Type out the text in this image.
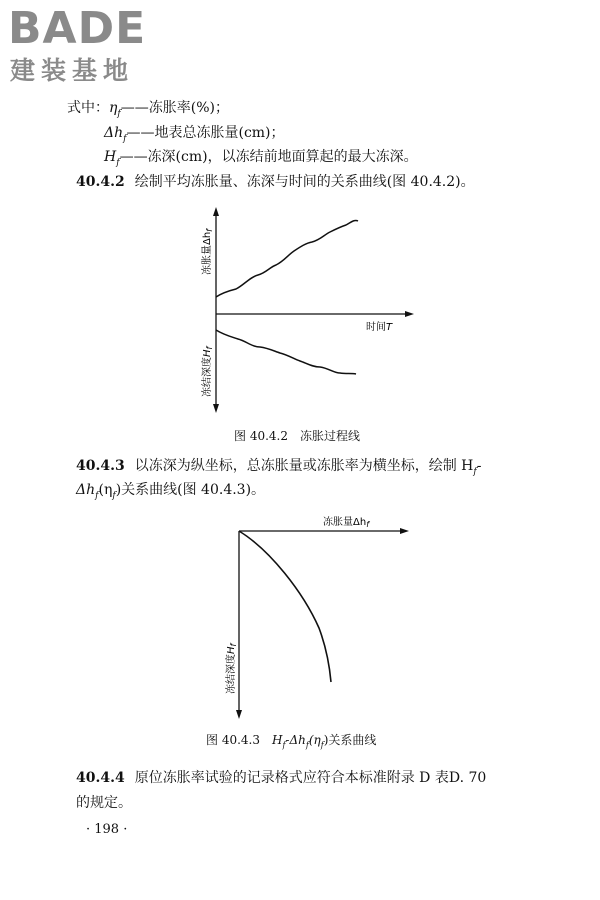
BADE
建装基地
式中：$\eta_f——$冻胀率(%)；
$\Delta h_f——$地表总冻胀量(cm)；
$H_f——$冻深(cm)，以冻结前地面算起的最大冻深。
40.4.2 绘制平均冻胀量、冻深与时间的关系曲线(图 40.4.2)。
冻胀量$\Delta h_f$
时间T
冻结深度$H_f$
图 40.4.2　冻胀过程线
40.4.3 以冻深为纵坐标，总冻胀量或冻胀率为横坐标，绘制 $H_f-$
$\Delta h_f(\eta_f)$关系曲线(图 40.4.3)。
冻胀量$\Delta h_f$
冻结深度$H_f$
图 40.4.3　$H_f-\Delta h_f(\eta_f)$关系曲线
40.4.4 原位冻胀率试验的记录格式应符合本标准附录 D 表D. 70
的规定。
· 198 ·
